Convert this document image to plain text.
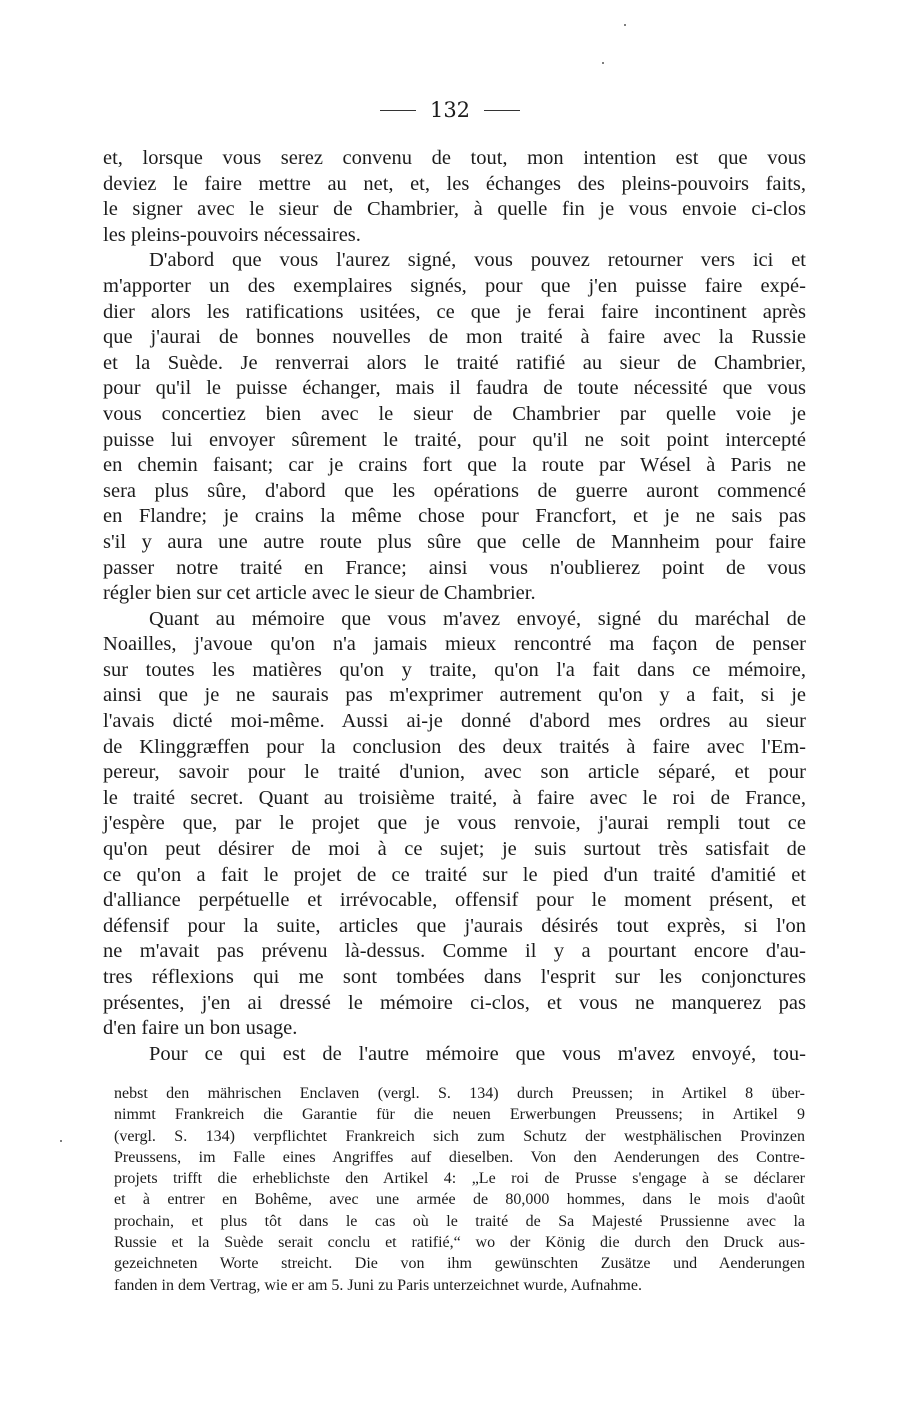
132
et, lorsque vous serez convenu de tout, mon intention est que vous
deviez le faire mettre au net, et, les échanges des pleins-pouvoirs faits,
le signer avec le sieur de Chambrier, à quelle fin je vous envoie ci-clos
les pleins-pouvoirs nécessaires.
D'abord que vous l'aurez signé, vous pouvez retourner vers ici et
m'apporter un des exemplaires signés, pour que j'en puisse faire expé-
dier alors les ratifications usitées, ce que je ferai faire incontinent après
que j'aurai de bonnes nouvelles de mon traité à faire avec la Russie
et la Suède. Je renverrai alors le traité ratifié au sieur de Chambrier,
pour qu'il le puisse échanger, mais il faudra de toute nécessité que vous
vous concertiez bien avec le sieur de Chambrier par quelle voie je
puisse lui envoyer sûrement le traité, pour qu'il ne soit point intercepté
en chemin faisant; car je crains fort que la route par Wésel à Paris ne
sera plus sûre, d'abord que les opérations de guerre auront commencé
en Flandre; je crains la même chose pour Francfort, et je ne sais pas
s'il y aura une autre route plus sûre que celle de Mannheim pour faire
passer notre traité en France; ainsi vous n'oublierez point de vous
régler bien sur cet article avec le sieur de Chambrier.
Quant au mémoire que vous m'avez envoyé, signé du maréchal de
Noailles, j'avoue qu'on n'a jamais mieux rencontré ma façon de penser
sur toutes les matières qu'on y traite, qu'on l'a fait dans ce mémoire,
ainsi que je ne saurais pas m'exprimer autrement qu'on y a fait, si je
l'avais dicté moi-même. Aussi ai-je donné d'abord mes ordres au sieur
de Klinggræffen pour la conclusion des deux traités à faire avec l'Em-
pereur, savoir pour le traité d'union, avec son article séparé, et pour
le traité secret. Quant au troisième traité, à faire avec le roi de France,
j'espère que, par le projet que je vous renvoie, j'aurai rempli tout ce
qu'on peut désirer de moi à ce sujet; je suis surtout très satisfait de
ce qu'on a fait le projet de ce traité sur le pied d'un traité d'amitié et
d'alliance perpétuelle et irrévocable, offensif pour le moment présent, et
défensif pour la suite, articles que j'aurais désirés tout exprès, si l'on
ne m'avait pas prévenu là-dessus. Comme il y a pourtant encore d'au-
tres réflexions qui me sont tombées dans l'esprit sur les conjonctures
présentes, j'en ai dressé le mémoire ci-clos, et vous ne manquerez pas
d'en faire un bon usage.
Pour ce qui est de l'autre mémoire que vous m'avez envoyé, tou-
nebst den mährischen Enclaven (vergl. S. 134) durch Preussen; in Artikel 8 über-
nimmt Frankreich die Garantie für die neuen Erwerbungen Preussens; in Artikel 9
(vergl. S. 134) verpflichtet Frankreich sich zum Schutz der westphälischen Provinzen
Preussens, im Falle eines Angriffes auf dieselben. Von den Aenderungen des Contre-
projets trifft die erheblichste den Artikel 4: „Le roi de Prusse s'engage à se déclarer
et à entrer en Bohême, avec une armée de 80,000 hommes, dans le mois d'août
prochain, et plus tôt dans le cas où le traité de Sa Majesté Prussienne avec la
Russie et la Suède serait conclu et ratifié,“ wo der König die durch den Druck aus-
gezeichneten Worte streicht. Die von ihm gewünschten Zusätze und Aenderungen
fanden in dem Vertrag, wie er am 5. Juni zu Paris unterzeichnet wurde, Aufnahme.
